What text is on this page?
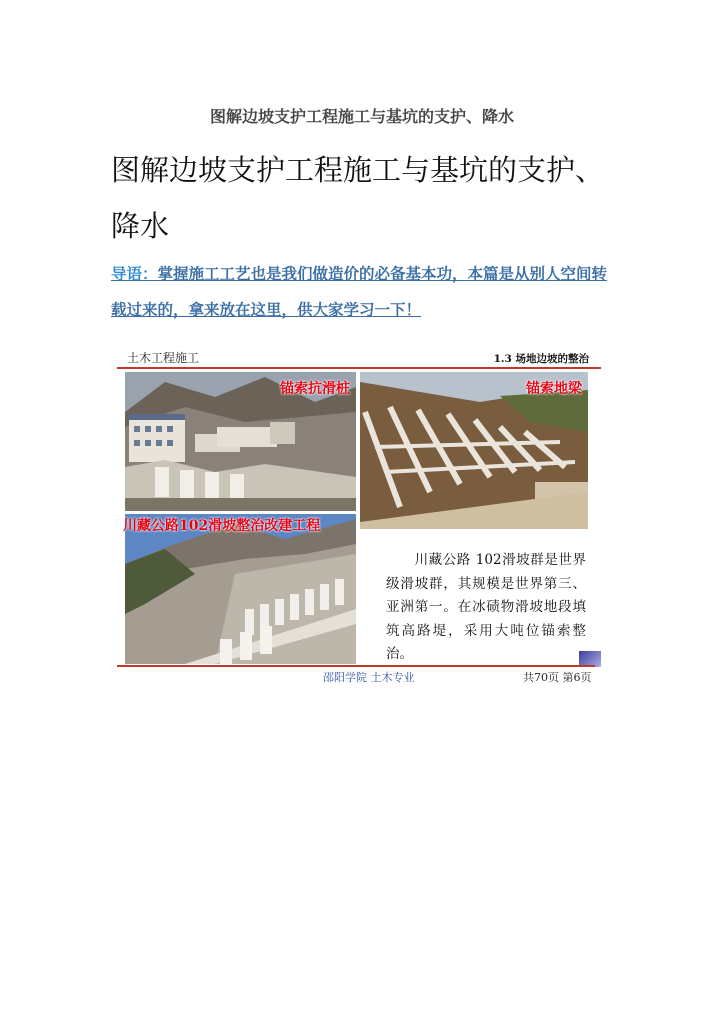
图解边坡支护工程施工与基坑的支护、降水
图解边坡支护工程施工与基坑的支护、
降水
导语：掌握施工工艺也是我们做造价的必备基本功，本篇是从别人空间转载过来的，拿来放在这里，供大家学习一下！
土木工程施工	1.3 场地边坡的整治
锚索抗滑桩	锚索地梁
川藏公路102滑坡整治改建工程
川藏公路 102滑坡群是世界级滑坡群，其规模是世界第三、亚洲第一。在冰碛物滑坡地段填筑高路堤，采用大吨位锚索整治。
邵阳学院 土木专业	共70页 第6页
